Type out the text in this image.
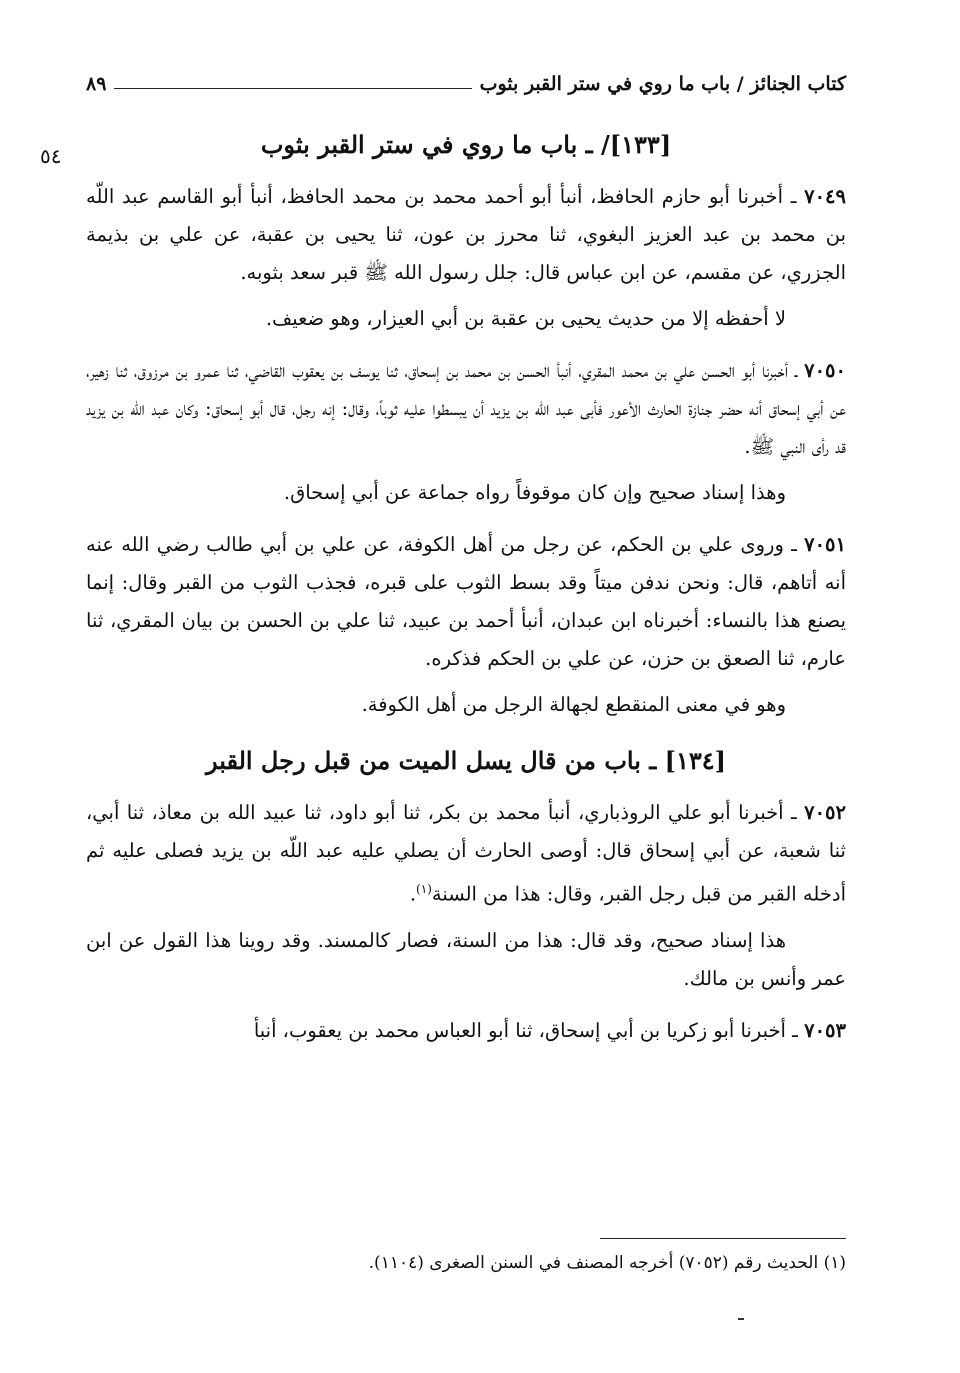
كتاب الجنائز / باب ما روي في ستر القبر بثوب
٨٩
٥٤	[١٣٣]/ ـ باب ما روي في ستر القبر بثوب

٧٠٤٩ ـ أخبرنا أبو حازم الحافظ، أنبأ أبو أحمد محمد بن محمد الحافظ، أنبأ أبو القاسم عبد اللّه بن محمد بن عبد العزيز البغوي، ثنا محرز بن عون، ثنا يحيى بن عقبة، عن علي بن بذيمة الجزري، عن مقسم، عن ابن عباس قال: جلل رسول الله ﷺ قبر سعد بثوبه.

لا أحفظه إلا من حديث يحيى بن عقبة بن أبي العيزار، وهو ضعيف.

٧٠٥٠ ـ أخبرنا أبو الحسن علي بن محمد المقري، أنبأ الحسن بن محمد بن إسحاق، ثنا يوسف بن يعقوب القاضي، ثنا عمرو بن مرزوق، ثنا زهير، عن أبي إسحاق أنه حضر جنازة الحارث الأعور فأبى عبد اللّه بن يزيد أن يبسطوا عليه ثوباً، وقال: إنه رجل، قال أبو إسحاق: وكان عبد اللّه بن يزيد قد رأى النبي ﷺ.

وهذا إسناد صحيح وإن كان موقوفاً رواه جماعة عن أبي إسحاق.

٧٠٥١ ـ وروى علي بن الحكم، عن رجل من أهل الكوفة، عن علي بن أبي طالب رضي الله عنه أنه أتاهم، قال: ونحن ندفن ميتاً وقد بسط الثوب على قبره، فجذب الثوب من القبر وقال: إنما يصنع هذا بالنساء: أخبرناه ابن عبدان، أنبأ أحمد بن عبيد، ثنا علي بن الحسن بن بيان المقري، ثنا عارم، ثنا الصعق بن حزن، عن علي بن الحكم فذكره.

وهو في معنى المنقطع لجهالة الرجل من أهل الكوفة.

[١٣٤] ـ باب من قال يسل الميت من قبل رجل القبر

٧٠٥٢ ـ أخبرنا أبو علي الروذباري، أنبأ محمد بن بكر، ثنا أبو داود، ثنا عبيد الله بن معاذ، ثنا أبي، ثنا شعبة، عن أبي إسحاق قال: أوصى الحارث أن يصلي عليه عبد اللّه بن يزيد فصلى عليه ثم أدخله القبر من قبل رجل القبر، وقال: هذا من السنة$^{(١)}$.

هذا إسناد صحيح، وقد قال: هذا من السنة، فصار كالمسند. وقد روينا هذا القول عن ابن عمر وأنس بن مالك.

٧٠٥٣ ـ أخبرنا أبو زكريا بن أبي إسحاق، ثنا أبو العباس محمد بن يعقوب، أنبأ

(١) الحديث رقم (٧٠٥٢) أخرجه المصنف في السنن الصغرى (١١٠٤).
